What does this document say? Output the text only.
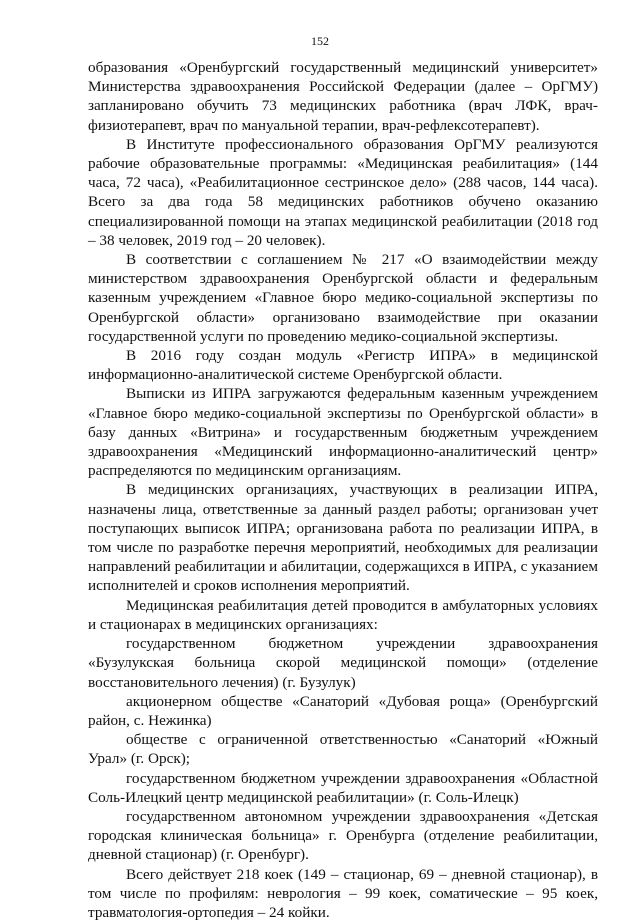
152

образования «Оренбургский государственный медицинский университет» Министерства здравоохранения Российской Федерации (далее – ОрГМУ) запланировано обучить 73 медицинских работника (врач ЛФК, врач-физиотерапевт, врач по мануальной терапии, врач-рефлексотерапевт).

В Институте профессионального образования ОрГМУ реализуются рабочие образовательные программы: «Медицинская реабилитация» (144 часа, 72 часа), «Реабилитационное сестринское дело» (288 часов, 144 часа). Всего за два года 58 медицинских работников обучено оказанию специализированной помощи на этапах медицинской реабилитации (2018 год – 38 человек, 2019 год – 20 человек).

В соответствии с соглашением № 217 «О взаимодействии между министерством здравоохранения Оренбургской области и федеральным казенным учреждением «Главное бюро медико-социальной экспертизы по Оренбургской области» организовано взаимодействие при оказании государственной услуги по проведению медико-социальной экспертизы.

В 2016 году создан модуль «Регистр ИПРА» в медицинской информационно-аналитической системе Оренбургской области.

Выписки из ИПРА загружаются федеральным казенным учреждением «Главное бюро медико-социальной экспертизы по Оренбургской области» в базу данных «Витрина» и государственным бюджетным учреждением здравоохранения «Медицинский информационно-аналитический центр» распределяются по медицинским организациям.

В медицинских организациях, участвующих в реализации ИПРА, назначены лица, ответственные за данный раздел работы; организован учет поступающих выписок ИПРА; организована работа по реализации ИПРА, в том числе по разработке перечня мероприятий, необходимых для реализации направлений реабилитации и абилитации, содержащихся в ИПРА, с указанием исполнителей и сроков исполнения мероприятий.

Медицинская реабилитация детей проводится в амбулаторных условиях и стационарах в медицинских организациях:

государственном бюджетном учреждении здравоохранения «Бузулукская больница скорой медицинской помощи» (отделение восстановительного лечения) (г. Бузулук)

акционерном обществе «Санаторий «Дубовая роща» (Оренбургский район, с. Нежинка)

обществе с ограниченной ответственностью «Санаторий «Южный Урал» (г. Орск);

государственном бюджетном учреждении здравоохранения «Областной Соль-Илецкий центр медицинской реабилитации» (г. Соль-Илецк)

государственном автономном учреждении здравоохранения «Детская городская клиническая больница» г. Оренбурга (отделение реабилитации, дневной стационар) (г. Оренбург).

Всего действует 218 коек (149 – стационар, 69 – дневной стационар), в том числе по профилям: неврология – 99 коек, соматические – 95 коек, травматология-ортопедия – 24 койки.
